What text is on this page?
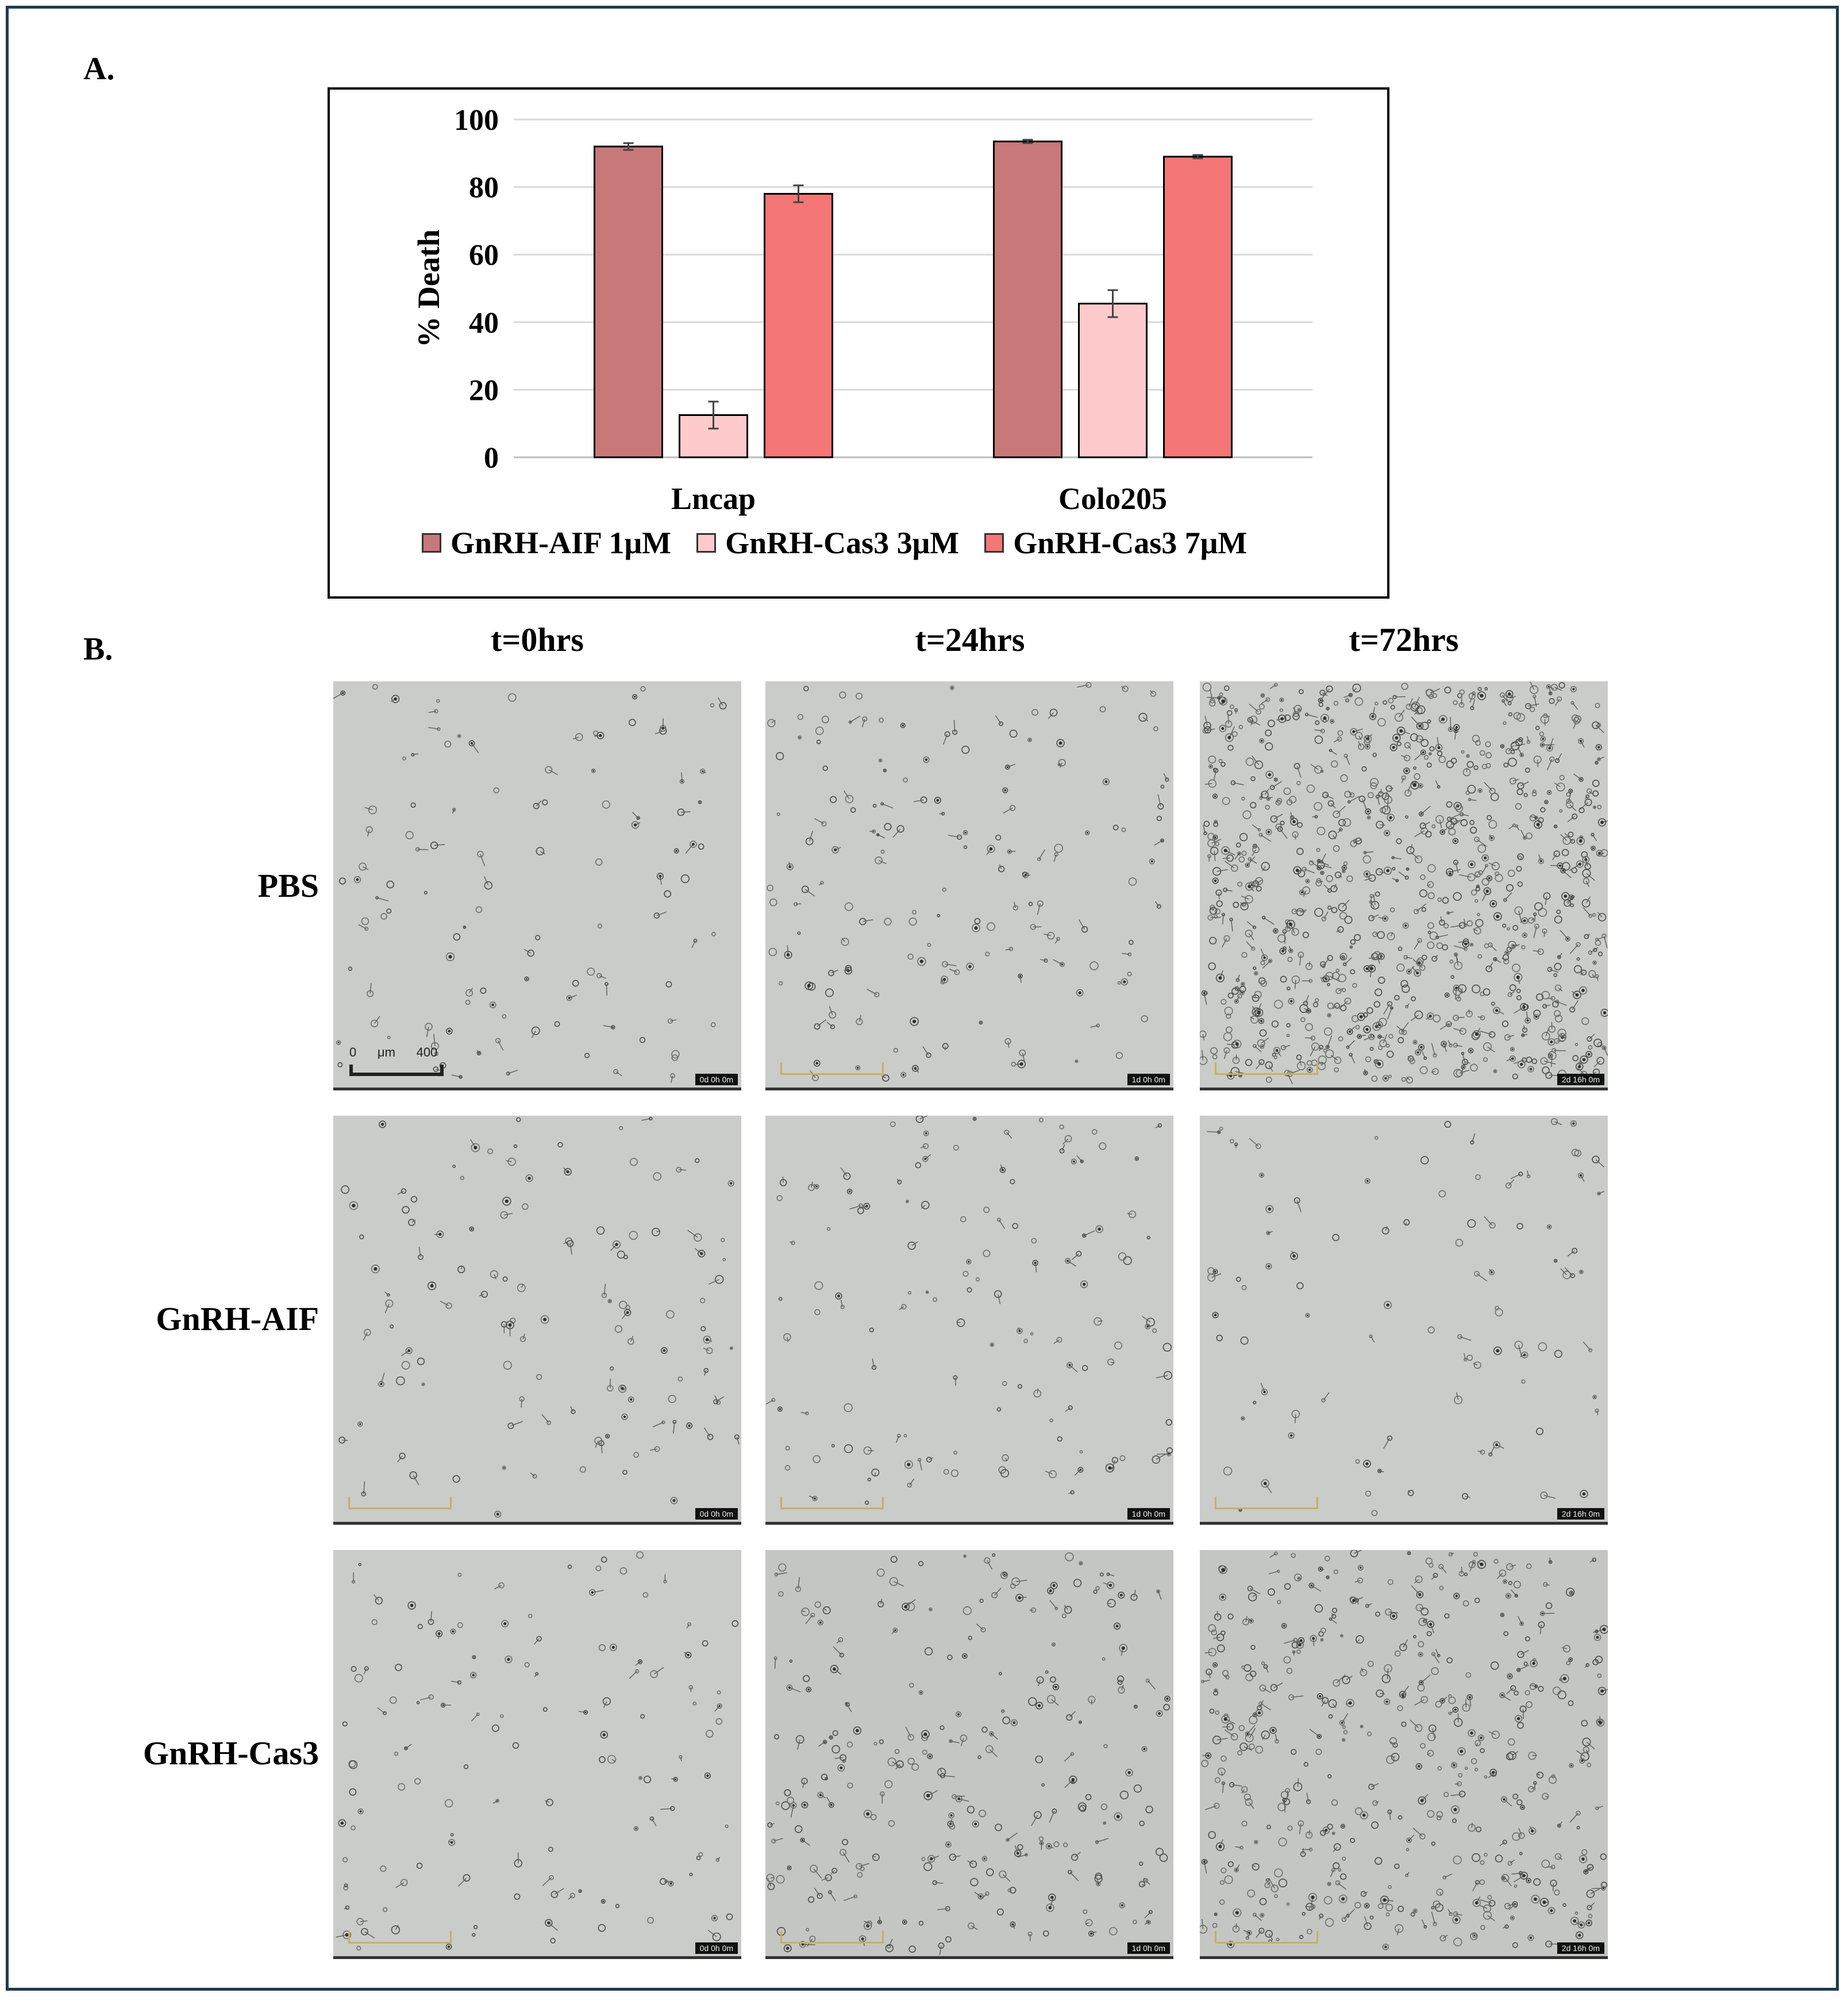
A.
0
20
40
60
80
100
% Death
Lncap	Colo205
GnRH-AIF 1μM GnRH-Cas3 3μM GnRH-Cas3 7μM
B.	t=0hrs	t=24hrs	t=72hrs
PBS
GnRH-AIF
GnRH-Cas3
0      μm      400
0d 0h 0m	1d 0h 0m	2d 16h 0m
0d 0h 0m	1d 0h 0m	2d 16h 0m
0d 0h 0m	1d 0h 0m	2d 16h 0m
